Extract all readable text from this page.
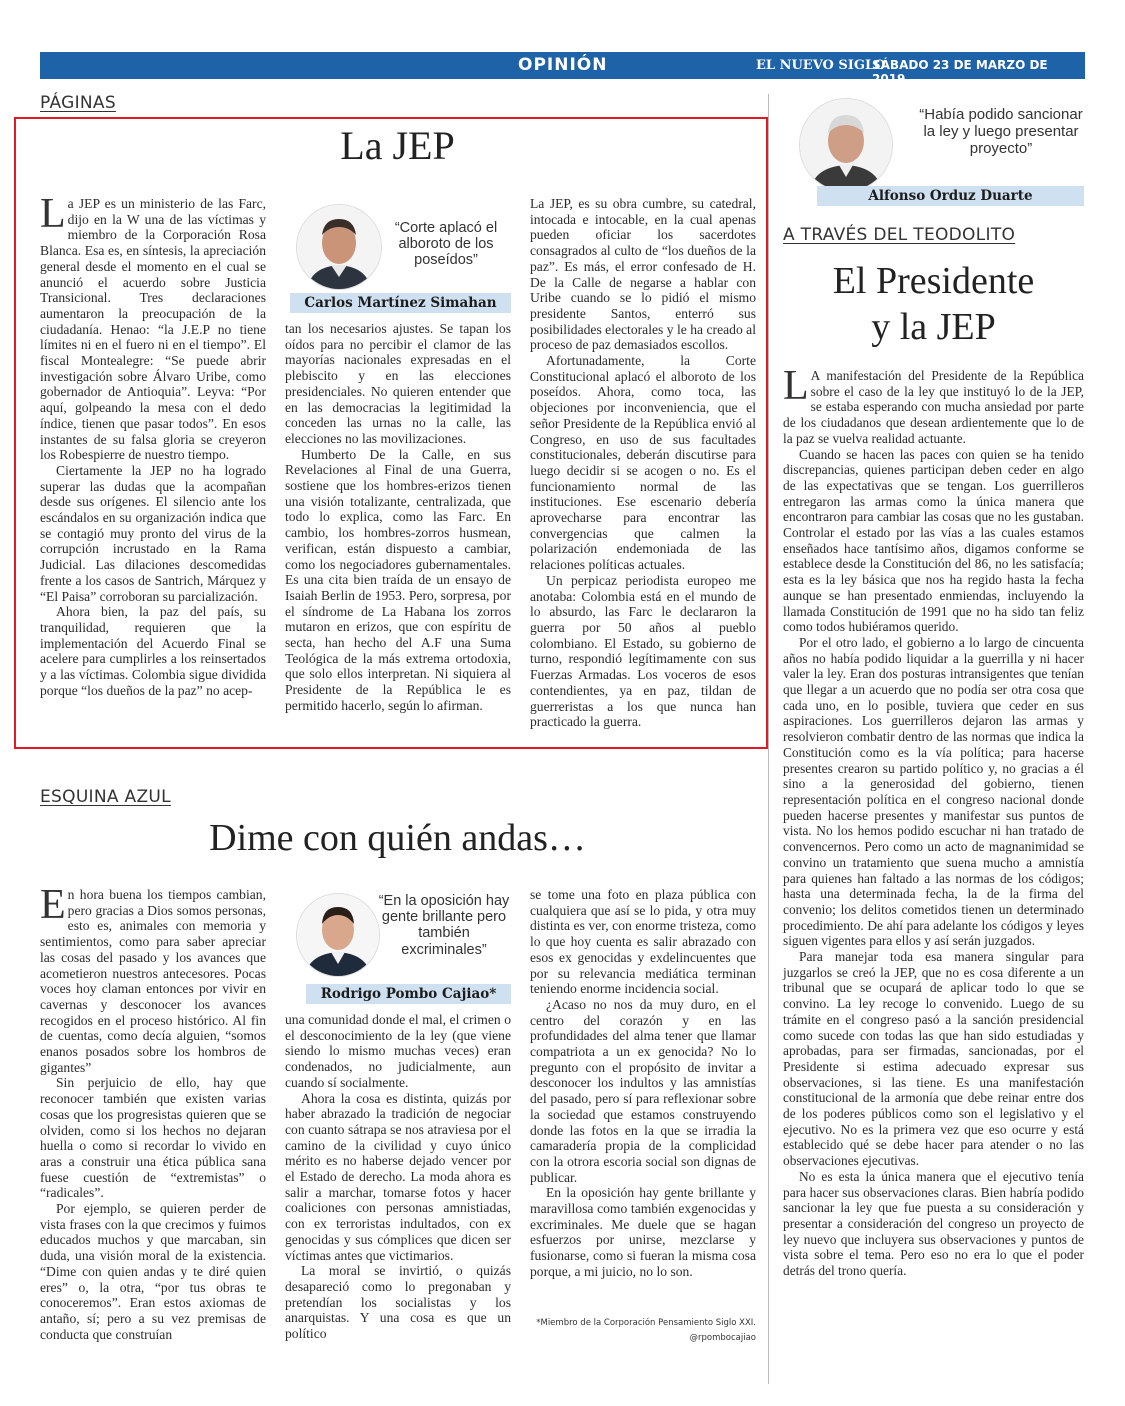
OPINIÓN	EL NUEVO SIGLO
SÁBADO 23 DE MARZO DE 2019
9A
PÁGINAS
La JEP

La JEP es un ministerio de las Farc, dijo en la W una de las víctimas y miembro de la Corporación Rosa Blanca. Esa es, en síntesis, la apreciación general desde el momento en el cual se anunció el acuerdo sobre Justicia Transicional. Tres declaraciones aumentaron la preocupación de la ciudadanía. Henao: “la J.E.P no tiene límites ni en el fuero ni en el tiempo”. El fiscal Montealegre: “Se puede abrir investigación sobre Álvaro Uribe, como gobernador de Antioquia”. Leyva: “Por aquí, golpeando la mesa con el dedo índice, tienen que pasar todos”. En esos instantes de su falsa gloria se creyeron los Robespierre de nuestro tiempo.

Ciertamente la JEP no ha logrado superar las dudas que la acompañan desde sus orígenes. El silencio ante los escándalos en su organización indica que se contagió muy pronto del virus de la corrupción incrustado en la Rama Judicial. Las dilaciones descomedidas frente a los casos de Santrich, Márquez y “El Paisa” corroboran su parcialización.

Ahora bien, la paz del país, su tranquilidad, requieren que la implementación del Acuerdo Final se acelere para cumplirles a los reinsertados y a las víctimas. Colombia sigue dividida porque “los dueños de la paz” no acep-

“Corte aplacó el alboroto de los poseídos”
Carlos Martínez Simahan

tan los necesarios ajustes. Se tapan los oídos para no percibir el clamor de las mayorías nacionales expresadas en el plebiscito y en las elecciones presidenciales. No quieren entender que en las democracias la legitimidad la conceden las urnas no la calle, las elecciones no las movilizaciones.

Humberto De la Calle, en sus Revelaciones al Final de una Guerra, sostiene que los hombres-erizos tienen una visión totalizante, centralizada, que todo lo explica, como las Farc. En cambio, los hombres-zorros husmean, verifican, están dispuesto a cambiar, como los negociadores gubernamentales. Es una cita bien traída de un ensayo de Isaiah Berlin de 1953. Pero, sorpresa, por el síndrome de La Habana los zorros mutaron en erizos, que con espíritu de secta, han hecho del A.F una Suma Teológica de la más extrema ortodoxia, que solo ellos interpretan. Ni siquiera al Presidente de la República le es permitido hacerlo, según lo afirman.

La JEP, es su obra cumbre, su catedral, intocada e intocable, en la cual apenas pueden oficiar los sacerdotes consagrados al culto de “los dueños de la paz”. Es más, el error confesado de H. De la Calle de negarse a hablar con Uribe cuando se lo pidió el mismo presidente Santos, enterró sus posibilidades electorales y le ha creado al proceso de paz demasiados escollos.

Afortunadamente, la Corte Constitucional aplacó el alboroto de los poseídos. Ahora, como toca, las objeciones por inconveniencia, que el señor Presidente de la República envió al Congreso, en uso de sus facultades constitucionales, deberán discutirse para luego decidir si se acogen o no. Es el funcionamiento normal de las instituciones. Ese escenario debería aprovecharse para encontrar las convergencias que calmen la polarización endemoniada de las relaciones políticas actuales.

Un perpicaz periodista europeo me anotaba: Colombia está en el mundo de lo absurdo, las Farc le declararon la guerra por 50 años al pueblo colombiano. El Estado, su gobierno de turno, respondió legítimamente con sus Fuerzas Armadas. Los voceros de esos contendientes, ya en paz, tildan de guerreristas a los que nunca han practicado la guerra.

ESQUINA AZUL
Dime con quién andas…

En hora buena los tiempos cambian, pero gracias a Dios somos personas, esto es, animales con memoria y sentimientos, como para saber apreciar las cosas del pasado y los avances que acometieron nuestros antecesores. Pocas voces hoy claman entonces por vivir en cavernas y desconocer los avances recogidos en el proceso histórico. Al fin de cuentas, como decía alguien, “somos enanos posados sobre los hombros de gigantes”

Sin perjuicio de ello, hay que reconocer también que existen varias cosas que los progresistas quieren que se olviden, como si los hechos no dejaran huella o como si recordar lo vivido en aras a construir una ética pública sana fuese cuestión de “extremistas” o “radicales”.

Por ejemplo, se quieren perder de vista frases con la que crecimos y fuimos educados muchos y que marcaban, sin duda, una visión moral de la existencia. “Dime con quien andas y te diré quien eres” o, la otra, “por tus obras te conoceremos”. Eran estos axiomas de antaño, sí; pero a su vez premisas de conducta que construían

“En la oposición hay gente brillante pero también excriminales”
Rodrigo Pombo Cajiao*

una comunidad donde el mal, el crimen o el desconocimiento de la ley (que viene siendo lo mismo muchas veces) eran condenados, no judicialmente, aun cuando sí socialmente.

Ahora la cosa es distinta, quizás por haber abrazado la tradición de negociar con cuanto sátrapa se nos atraviesa por el camino de la civilidad y cuyo único mérito es no haberse dejado vencer por el Estado de derecho. La moda ahora es salir a marchar, tomarse fotos y hacer coaliciones con personas amnistiadas, con ex terroristas indultados, con ex genocidas y sus cómplices que dicen ser víctimas antes que victimarios.

La moral se invirtió, o quizás desapareció como lo pregonaban y pretendían los socialistas y los anarquistas. Y una cosa es que un político

se tome una foto en plaza pública con cualquiera que así se lo pida, y otra muy distinta es ver, con enorme tristeza, como lo que hoy cuenta es salir abrazado con esos ex genocidas y exdelincuentes que por su relevancia mediática terminan teniendo enorme incidencia social.

¿Acaso no nos da muy duro, en el centro del corazón y en las profundidades del alma tener que llamar compatriota a un ex genocida? No lo pregunto con el propósito de invitar a desconocer los indultos y las amnistías del pasado, pero sí para reflexionar sobre la sociedad que estamos construyendo donde las fotos en la que se irradia la camaradería propia de la complicidad con la otrora escoria social son dignas de publicar.

En la oposición hay gente brillante y maravillosa como también exgenocidas y excriminales. Me duele que se hagan esfuerzos por unirse, mezclarse y fusionarse, como si fueran la misma cosa porque, a mi juicio, no lo son.

*Miembro de la Corporación Pensamiento Siglo XXI.
@rpombocajiao
“Había podido sancionar la ley y luego presentar proyecto”
Alfonso Orduz Duarte
A TRAVÉS DEL TEODOLITO
El Presidente
y la JEP

L A manifestación del Presidente de la República sobre el caso de la ley que instituyó lo de la JEP, se estaba esperando con mucha ansiedad por parte de los ciudadanos que desean ardientemente que lo de la paz se vuelva realidad actuante.

Cuando se hacen las paces con quien se ha tenido discrepancias, quienes participan deben ceder en algo de las expectativas que se tengan. Los guerrilleros entregaron las armas como la única manera que encontraron para cambiar las cosas que no les gustaban. Controlar el estado por las vías a las cuales estamos enseñados hace tantísimo años, digamos conforme se establece desde la Constitución del 86, no les satisfacía; esta es la ley básica que nos ha regido hasta la fecha aunque se han presentado enmiendas, incluyendo la llamada Constitución de 1991 que no ha sido tan feliz como todos hubiéramos querido.

Por el otro lado, el gobierno a lo largo de cincuenta años no había podido liquidar a la guerrilla y ni hacer valer la ley. Eran dos posturas intransigentes que tenían que llegar a un acuerdo que no podía ser otra cosa que cada uno, en lo posible, tuviera que ceder en sus aspiraciones. Los guerrilleros dejaron las armas y resolvieron combatir dentro de las normas que indica la Constitución como es la vía política; para hacerse presentes crearon su partido político y, no gracias a él sino a la generosidad del gobierno, tienen representación política en el congreso nacional donde pueden hacerse presentes y manifestar sus puntos de vista. No los hemos podido escuchar ni han tratado de convencernos. Pero como un acto de magnanimidad se convino un tratamiento que suena mucho a amnistía para quienes han faltado a las normas de los códigos; hasta una determinada fecha, la de la firma del convenio; los delitos cometidos tienen un determinado procedimiento. De ahí para adelante los códigos y leyes siguen vigentes para ellos y así serán juzgados.

Para manejar toda esa manera singular para juzgarlos se creó la JEP, que no es cosa diferente a un tribunal que se ocupará de aplicar todo lo que se convino. La ley recoge lo convenido. Luego de su trámite en el congreso pasó a la sanción presidencial como sucede con todas las que han sido estudiadas y aprobadas, para ser firmadas, sancionadas, por el Presidente si estima adecuado expresar sus observaciones, si las tiene. Es una manifestación constitucional de la armonía que debe reinar entre dos de los poderes públicos como son el legislativo y el ejecutivo. No es la primera vez que eso ocurre y está establecido qué se debe hacer para atender o no las observaciones ejecutivas.

No es esta la única manera que el ejecutivo tenía para hacer sus observaciones claras. Bien habría podido sancionar la ley que fue puesta a su consideración y presentar a consideración del congreso un proyecto de ley nuevo que incluyera sus observaciones y puntos de vista sobre el tema. Pero eso no era lo que el poder detrás del trono quería.
